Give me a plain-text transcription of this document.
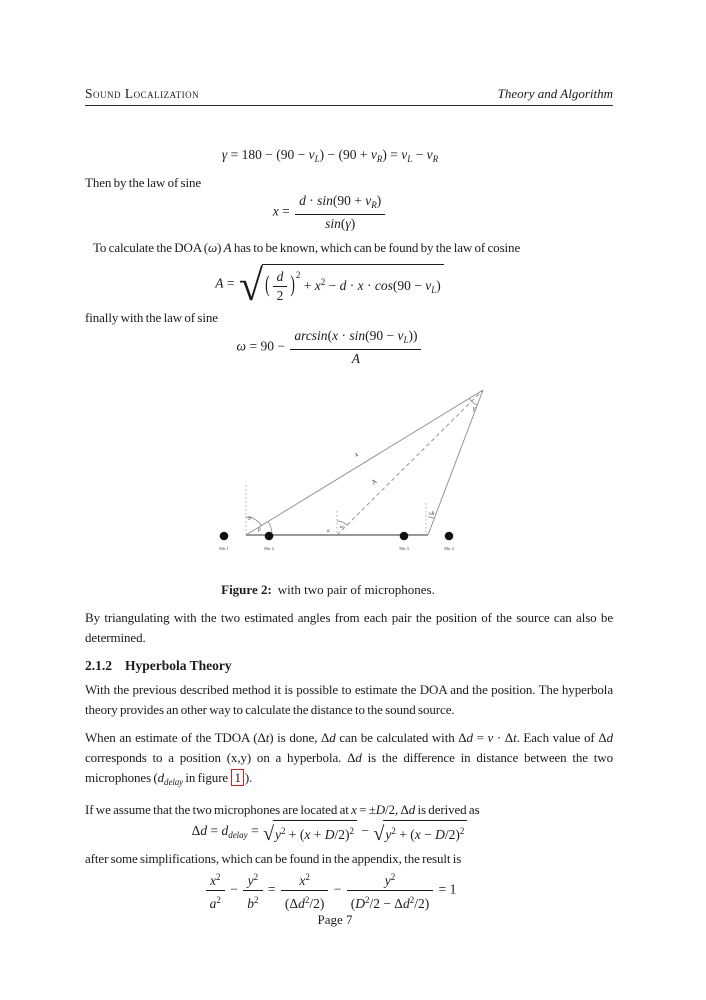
Sound Localization	Theory and Algorithm
$\gamma = 180 - (90 - v_L) - (90 + v_R) = v_L - v_R$
Then by the law of sine
$x = \frac{d \cdot \sin(90 + v_R)}{\sin(\gamma)}$
To calculate the DOA (ω) A has to be known, which can be found by the law of cosine
A = √ ( $\frac{d}{2} )^2 + x^2 - d \cdot x \cdot \cos(90 - v_L)$
finally with the law of sine
$\omega = 90 - \frac{\arcsin(x \cdot \sin(90 - v_L))}{A}$
Mic 1	Mic 2	Mic 3	Mic 4
x
A
γ
vL
β	α
ω
vR
Figure 2: with two pair of microphones.
By triangulating with the two estimated angles from each pair the position of the source can also be determined.
2.1.2 Hyperbola Theory
With the previous described method it is possible to estimate the DOA and the position. The hyperbola theory provides an other way to calculate the distance to the sound source.
When an estimate of the TDOA (Δt) is done, Δd can be calculated with Δd = v · Δt. Each value of Δd corresponds to a position (x,y) on a hyperbola. Δd is the difference in distance between the two microphones ($d_{delay}$ in figure 1 ).
If we assume that the two microphones are located at x = ±D/2, Δd is derived as
$\Delta d = d_{delay}$ = √ $y^2 + (x + D/2)^2$ − √ $y^2 + (x - D/2)^2$
after some simplifications, which can be found in the appendix, the result is
$\frac{x^2}{a^2} - \frac{y^2}{b^2} = \frac{x^2}{(\Delta d^2/2)} - \frac{y^2}{(D^2/2 - \Delta d^2/2)} = 1$
Page 7
